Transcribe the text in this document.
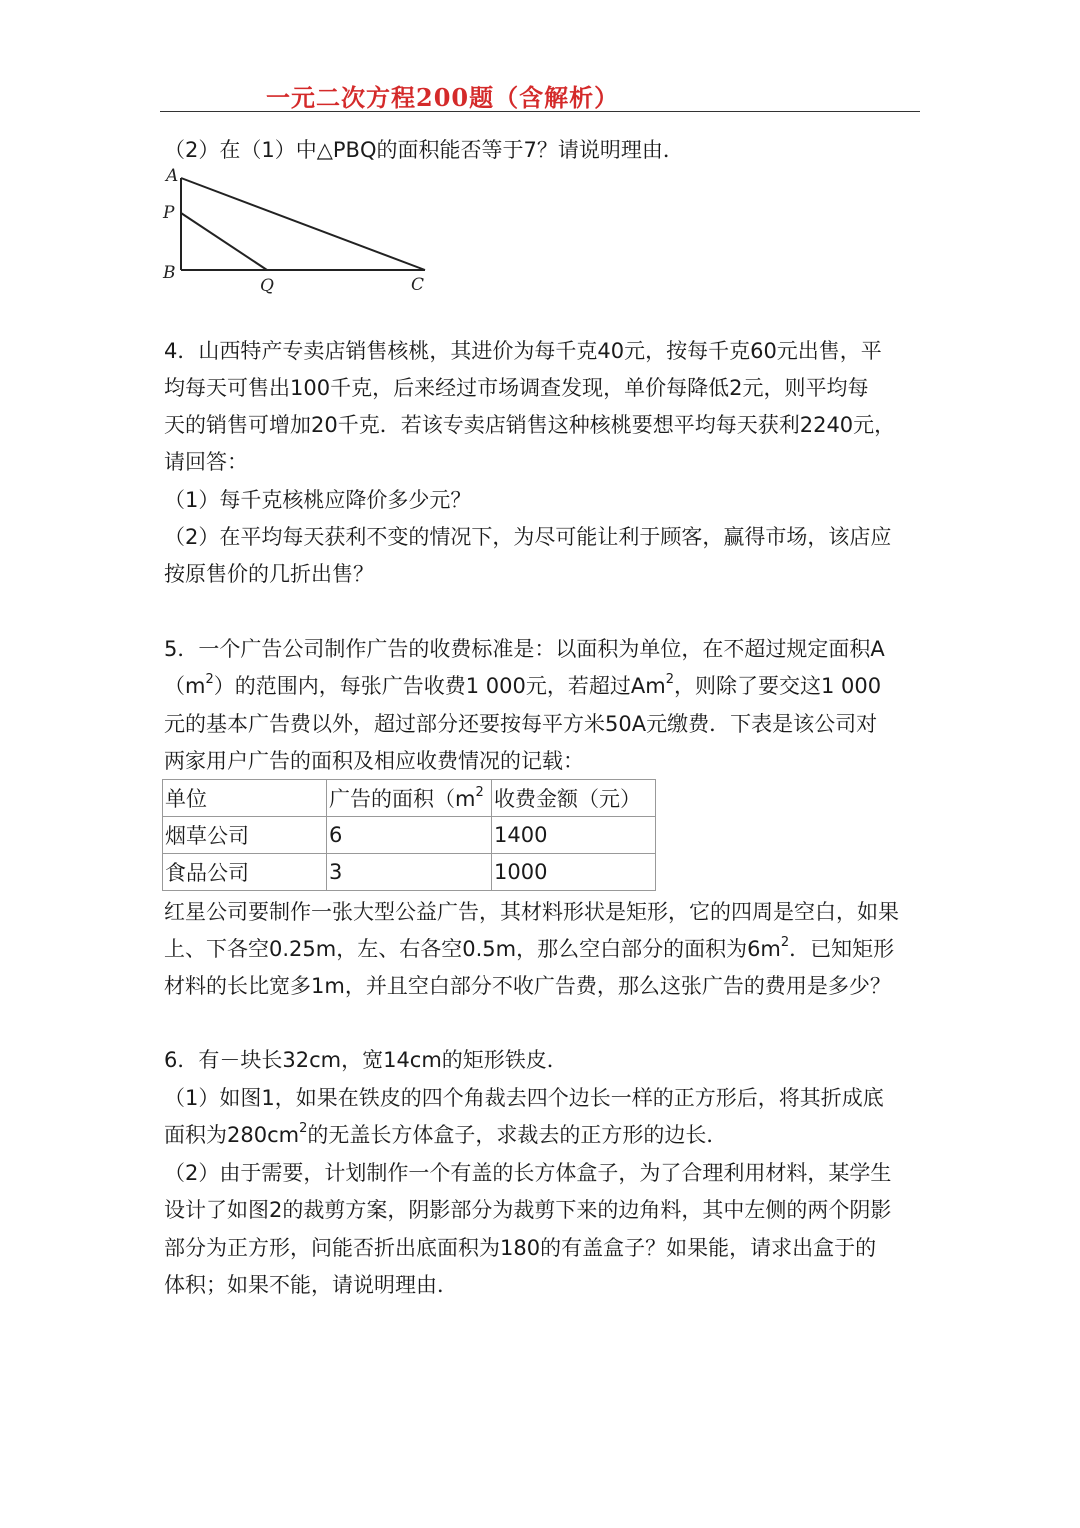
一元二次方程200题（含解析）
（2）在（1）中△PBQ的面积能否等于7？请说明理由．
A
P
B
Q	C
4．山西特产专卖店销售核桃，其进价为每千克40元，按每千克60元出售，平
均每天可售出100千克，后来经过市场调查发现，单价每降低2元，则平均每
天的销售可增加20千克．若该专卖店销售这种核桃要想平均每天获利2240元，
请回答：
（1）每千克核桃应降价多少元？
（2）在平均每天获利不变的情况下，为尽可能让利于顾客，赢得市场，该店应
按原售价的几折出售？
5．一个广告公司制作广告的收费标准是：以面积为单位，在不超过规定面积A
$(m^2)$的范围内，每张广告收费1 000元，若超过Am$^2$，则除了要交这1 000
元的基本广告费以外，超过部分还要按每平方米50A元缴费．下表是该公司对
两家用户广告的面积及相应收费情况的记载：
单位	广告的面积（$m^2$	收费金额（元）
烟草公司	6	1400
食品公司	3	1000
红星公司要制作一张大型公益广告，其材料形状是矩形，它的四周是空白，如果
上、下各空0.25m，左、右各空0.5m，那么空白部分的面积为$6m^2$．已知矩形
材料的长比宽多1m，并且空白部分不收广告费，那么这张广告的费用是多少？
6．有－块长32cm，宽14cm的矩形铁皮．
（1）如图1，如果在铁皮的四个角裁去四个边长一样的正方形后，将其折成底
面积为$280cm^2$的无盖长方体盒子，求裁去的正方形的边长．
（2）由于需要，计划制作一个有盖的长方体盒子，为了合理利用材料，某学生
设计了如图2的裁剪方案，阴影部分为裁剪下来的边角料，其中左侧的两个阴影
部分为正方形，问能否折出底面积为180的有盖盒子？如果能，请求出盒于的
体积；如果不能，请说明理由．
